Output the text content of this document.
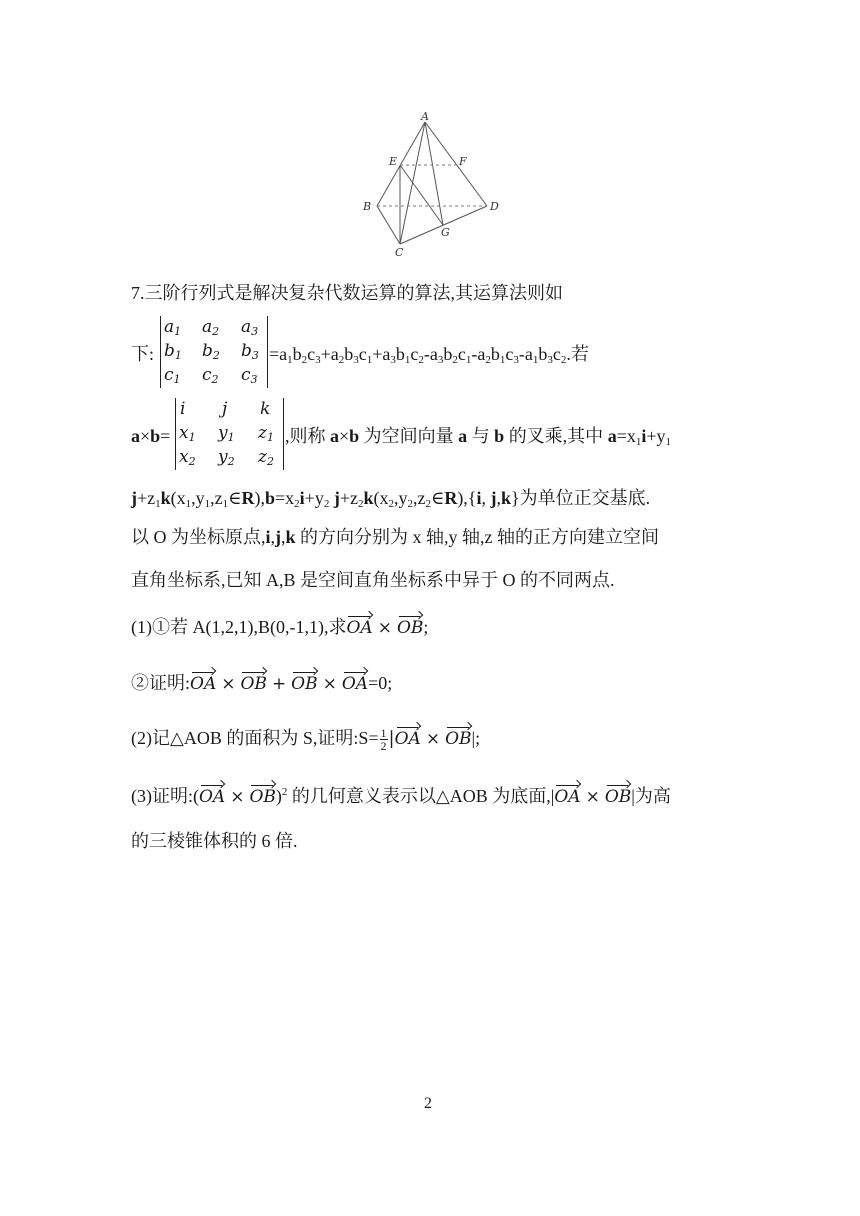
A
E	F
B	D
G
C
7.三阶行列式是解决复杂代数运算的算法,其运算法则如
下:
$a_1$ $a_2$ $a_3$
$b_1$ $b_2$ $b_3$
$c_1$ $c_2$ $c_3$
$=a_1b_2c_3+a_2b_3c_1+a_3b_1c_2-a_3b_2c_1-a_2b_1c_3-a_1b_3c_2$.若
a×b=
i j k
$x_1$ $y_1$ $z_1$
$x_2$ $y_2$ $z_2$
,则称 a×b 为空间向量 a 与 b 的叉乘,其中 $a=x_1i+y_1$
$j+z_1k(x_1,y_1,z_1\in R),b=x_2i+y_2$ $j+z_2k(x_2,y_2,z_2\in R),\{i$, j,k}为单位正交基底.
以 O 为坐标原点,i,j,k 的方向分别为 x 轴,y 轴,z 轴的正方向建立空间
直角坐标系,已知 A,B 是空间直角坐标系中异于 O 的不同两点.
(1)①若 A(1,2,1),B(0,-1,1),求OA × OB;
②证明:OA × OB + OB × OA=0;
(2)记△AOB 的面积为 S,证明:S= $\frac{1}{2} |OA \times OB|$;
(3)证明:(OA × OB)$^2$ 的几何意义表示以△AOB 为底面,|OA × OB|为高
的三棱锥体积的 6 倍.
2
